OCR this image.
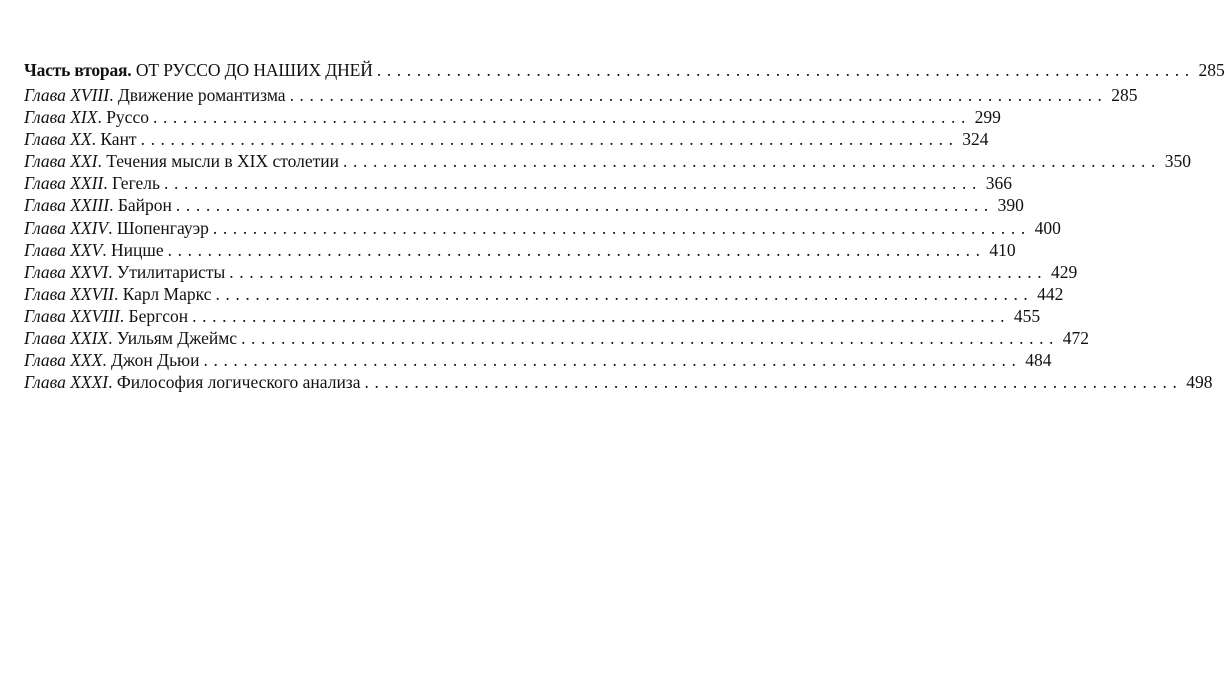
Часть вторая. ОТ РУССО ДО НАШИХ ДНЕЙ .................................................................................. 285
Глава XVIII. Движение романтизма .................................................................................. 285
Глава XIX. Руссо .................................................................................. 299
Глава XX. Кант .................................................................................. 324
Глава XXI. Течения мысли в XIX столетии .................................................................................. 350
Глава XXII. Гегель .................................................................................. 366
Глава XXIII. Байрон .................................................................................. 390
Глава XXIV. Шопенгауэр .................................................................................. 400
Глава XXV. Ницше .................................................................................. 410
Глава XXVI. Утилитаристы .................................................................................. 429
Глава XXVII. Карл Маркс .................................................................................. 442
Глава XXVIII. Бергсон .................................................................................. 455
Глава XXIX. Уильям Джеймс .................................................................................. 472
Глава XXX. Джон Дьюи .................................................................................. 484
Глава XXXI. Философия логического анализа .................................................................................. 498
